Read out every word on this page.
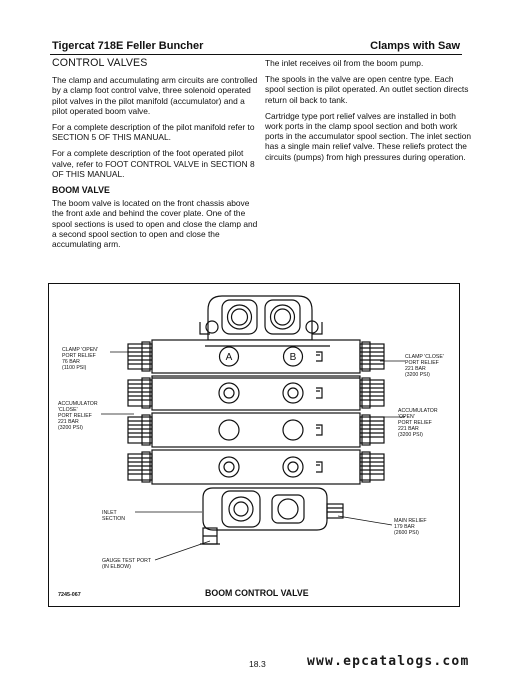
Tigercat 718E Feller Buncher	Clamps with Saw
CONTROL VALVES

The clamp and accumulating arm circuits are controlled by a clamp foot control valve, three solenoid operated pilot valves in the pilot manifold (accumulator) and a pilot operated boom valve.

For a complete description of the pilot manifold refer to SECTION 5 OF THIS MANUAL.

For a complete description of the foot operated pilot valve, refer to FOOT CONTROL VALVE in SECTION 8 OF THIS MANUAL.

BOOM VALVE

The boom valve is located on the front chassis above the front axle and behind the cover plate. One of the spool sections is used to open and close the clamp and a second spool section to open and close the accumulating arm.

The inlet receives oil from the boom pump.

The spools in the valve are open centre type. Each spool section is pilot operated. An outlet section directs return oil back to tank.

Cartridge type port relief valves are installed in both work ports in the clamp spool section and both work ports in the accumulator spool section. The inlet section has a single main relief valve. These reliefs protect the circuits (pumps) from high pressures during operation.

A	B
CLAMP 'OPEN'
PORT RELIEF
76 BAR
(1100 PSI)
CLAMP 'CLOSE'
PORT RELIEF
221 BAR
(3200 PSI)
ACCUMULATOR
'CLOSE'
PORT RELIEF
221 BAR
(3200 PSI)
ACCUMULATOR
'OPEN'
PORT RELIEF
221 BAR
(3200 PSI)
INLET
SECTION	MAIN RELIEF
179 BAR
(2600 PSI)
GAUGE TEST PORT
(IN ELBOW)
7245-067	BOOM CONTROL VALVE
18.3	www.epcatalogs.com
